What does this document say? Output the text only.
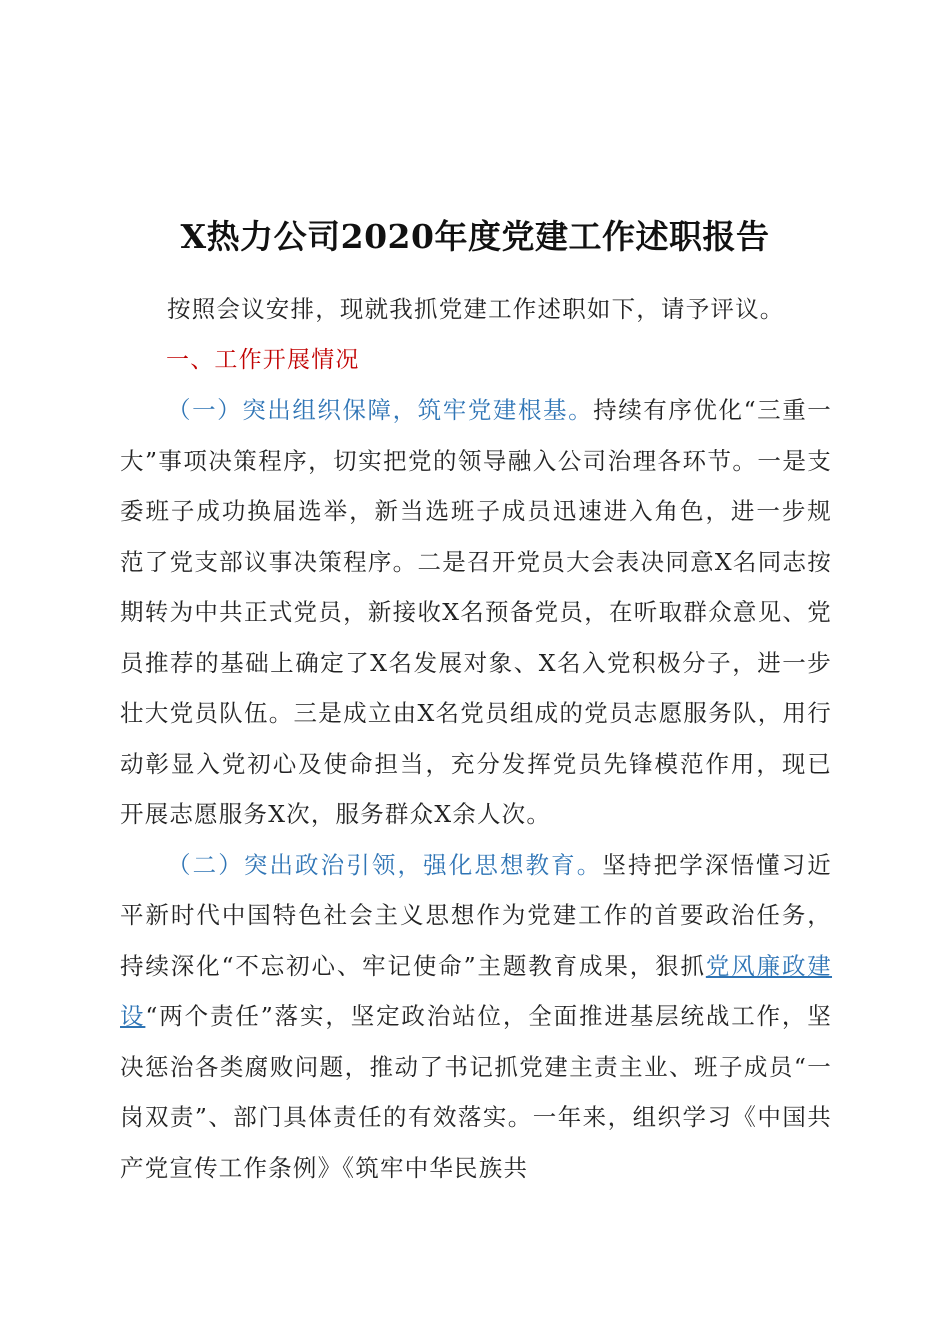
X热力公司2020年度党建工作述职报告

按照会议安排，现就我抓党建工作述职如下，请予评议。

一、工作开展情况

（一）突出组织保障，筑牢党建根基。持续有序优化“三重一大”事项决策程序，切实把党的领导融入公司治理各环节。一是支委班子成功换届选举，新当选班子成员迅速进入角色，进一步规范了党支部议事决策程序。二是召开党员大会表决同意X名同志按期转为中共正式党员，新接收X名预备党员，在听取群众意见、党员推荐的基础上确定了X名发展对象、X名入党积极分子，进一步壮大党员队伍。三是成立由X名党员组成的党员志愿服务队，用行动彰显入党初心及使命担当，充分发挥党员先锋模范作用，现已开展志愿服务X次，服务群众X余人次。

（二）突出政治引领，强化思想教育。坚持把学深悟懂习近平新时代中国特色社会主义思想作为党建工作的首要政治任务，持续深化“不忘初心、牢记使命”主题教育成果，狠抓党风廉政建设“两个责任”落实，坚定政治站位，全面推进基层统战工作，坚决惩治各类腐败问题，推动了书记抓党建主责主业、班子成员“一岗双责”、部门具体责任的有效落实。一年来，组织学习《中国共产党宣传工作条例》《筑牢中华民族共
